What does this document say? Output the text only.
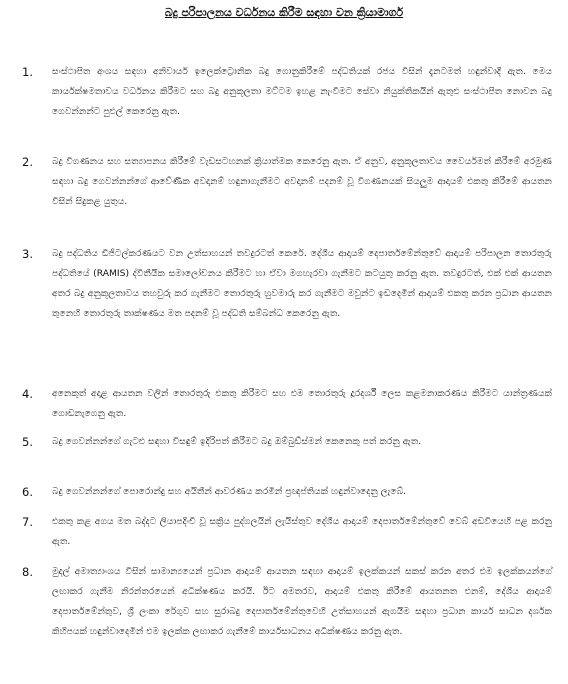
බදු පරිපාලනය වර්ධනය කිරීම සඳහා වන ක්‍රියාමාර්ග
1. සංස්ථාපිත අංශය සඳහා අනිවාර්ය ඉලෙක්ට්‍රොනික බදු ගොනුකිරීමේ පද්ධතියක් රජය විසින් දැනටමත් හඳුන්වාදී ඇත. මෙය කාර්යක්ෂමතාවය වර්ධනය කිරීමට සහ බදු අනුකූලතා මට්ටම ඉහළ නැංවීමට සේවා නියුක්තිකයින් ඇතුළු සංස්ථාපිත නොවන බදු ගෙවන්නන්ට පුළුල් කෙරෙනු ඇත.
2. බදු විගණනය සහ සත්‍යාපනය කිරීමේ වැඩසටහනක් ක්‍රියාත්මක කෙරෙනු ඇත. ඒ අනුව, අනුකූලතාවය වෛර්යමත් කිරීමේ අරමුණ සඳහා බදු ගෙවන්නන්ගේ ආවේණික අවදානම් හඳුනාගැනීමට අවදානම් පදනම් වූ විගණනයක් සියලුම ආදායම් එකතු කිරීමේ ආයතන විසින් සිදුකළ යුතුය.
3. බදු පද්ධතිය ඩිජිටල්කරණයට වන උත්සාහයන් තවදුරටත් කෙරේ. දේශීය ආදායම් දෙපාර්තමේන්තුවේ ආදායම් පරිපාලන තොරතුරු පද්ධතියේ (RAMIS) ද්විතීයික සමාලෝචනය කිරීමට හා ඒවා මගහැරවා ගැනීමට කටයුතු කරනු ඇත. තවදුරටත්, එක් එක් ආයතන අතර බදු අනුකූලතාවය තහවුරු කර ගැනීමට තොරතුරු හුවමාරු කර ගැනීමට මවුන්ට ඉඩදෙමින් ආදායම් එකතු කරන ප්‍රධාන ආයතන තුනෙහි තොරතුරු තාක්ෂණය මත පදනම් වූ පද්ධති සම්බන්ධ කෙරෙනු ඇත.
4. අනෙකුත් අදාළ ආයතන වලින් තොරතුරු එකතු කිරීමට සහ එම තොරතුරු දූරදර්ශී ලෙස කළමනාකරණය කිරීමට යාන්ත්‍රණයක් ගොඩනැගෙනු ඇත.
5. බදු ගෙවන්නන්ගේ ගැටළු සඳහා විසඳුම් ඉදිරිපත් කිරීමට බදු ඔම්බුඩ්ස්මන් කෙනෙකු පත් කරනු ඇත.
6. බදු ගෙවන්නන්ගේ පොරොන්දු සහ අයිතීන් ආවරණය කරමින් ප්‍රඥප්තියක් හඳුන්වාදෙනු ලැබේ.
7. එකතු කළ අගය මත බද්දට ලියාපදිංචි වූ සක්‍රිය පුද්ගලයින් ලැයිස්තුව දේශීය ආදායම් දෙපාර්තමේන්තුවේ වෙබ් අඩවියෙහි පළ කරනු ඇත.
8. මුදල් අමාත්‍යාංශය විසින් සාමාන්‍යයෙන් ප්‍රධාන ආදායම් ආයතන සඳහා ආදායම් ඉලක්කයන් සකස් කරන අතර එම ඉලක්කයන්ගේ ලඟාකර ගැනීම නිරන්තරයෙන් අධීක්ෂණය කරයි. ඊට අමතරව, ආදායම් එකතු කිරීමේ ආයතනත එනම්, දේශීය ආදායම් දෙපාර්තමේන්තුව, ශ්‍රී ලංකා රේගුව සහ සුරාබදු දෙපාර්තමේන්තුවෙහි උත්සාහයන් ඇගයීම සඳහා ප්‍රධාන කාර්ය සාධන දර්ශක කිහිපයක් හඳුන්වාදෙමින් එම ඉලක්ක ලඟාකර ගැනීමේ කාර්යසාධනය අධීක්ෂණය කරනු ඇත.
